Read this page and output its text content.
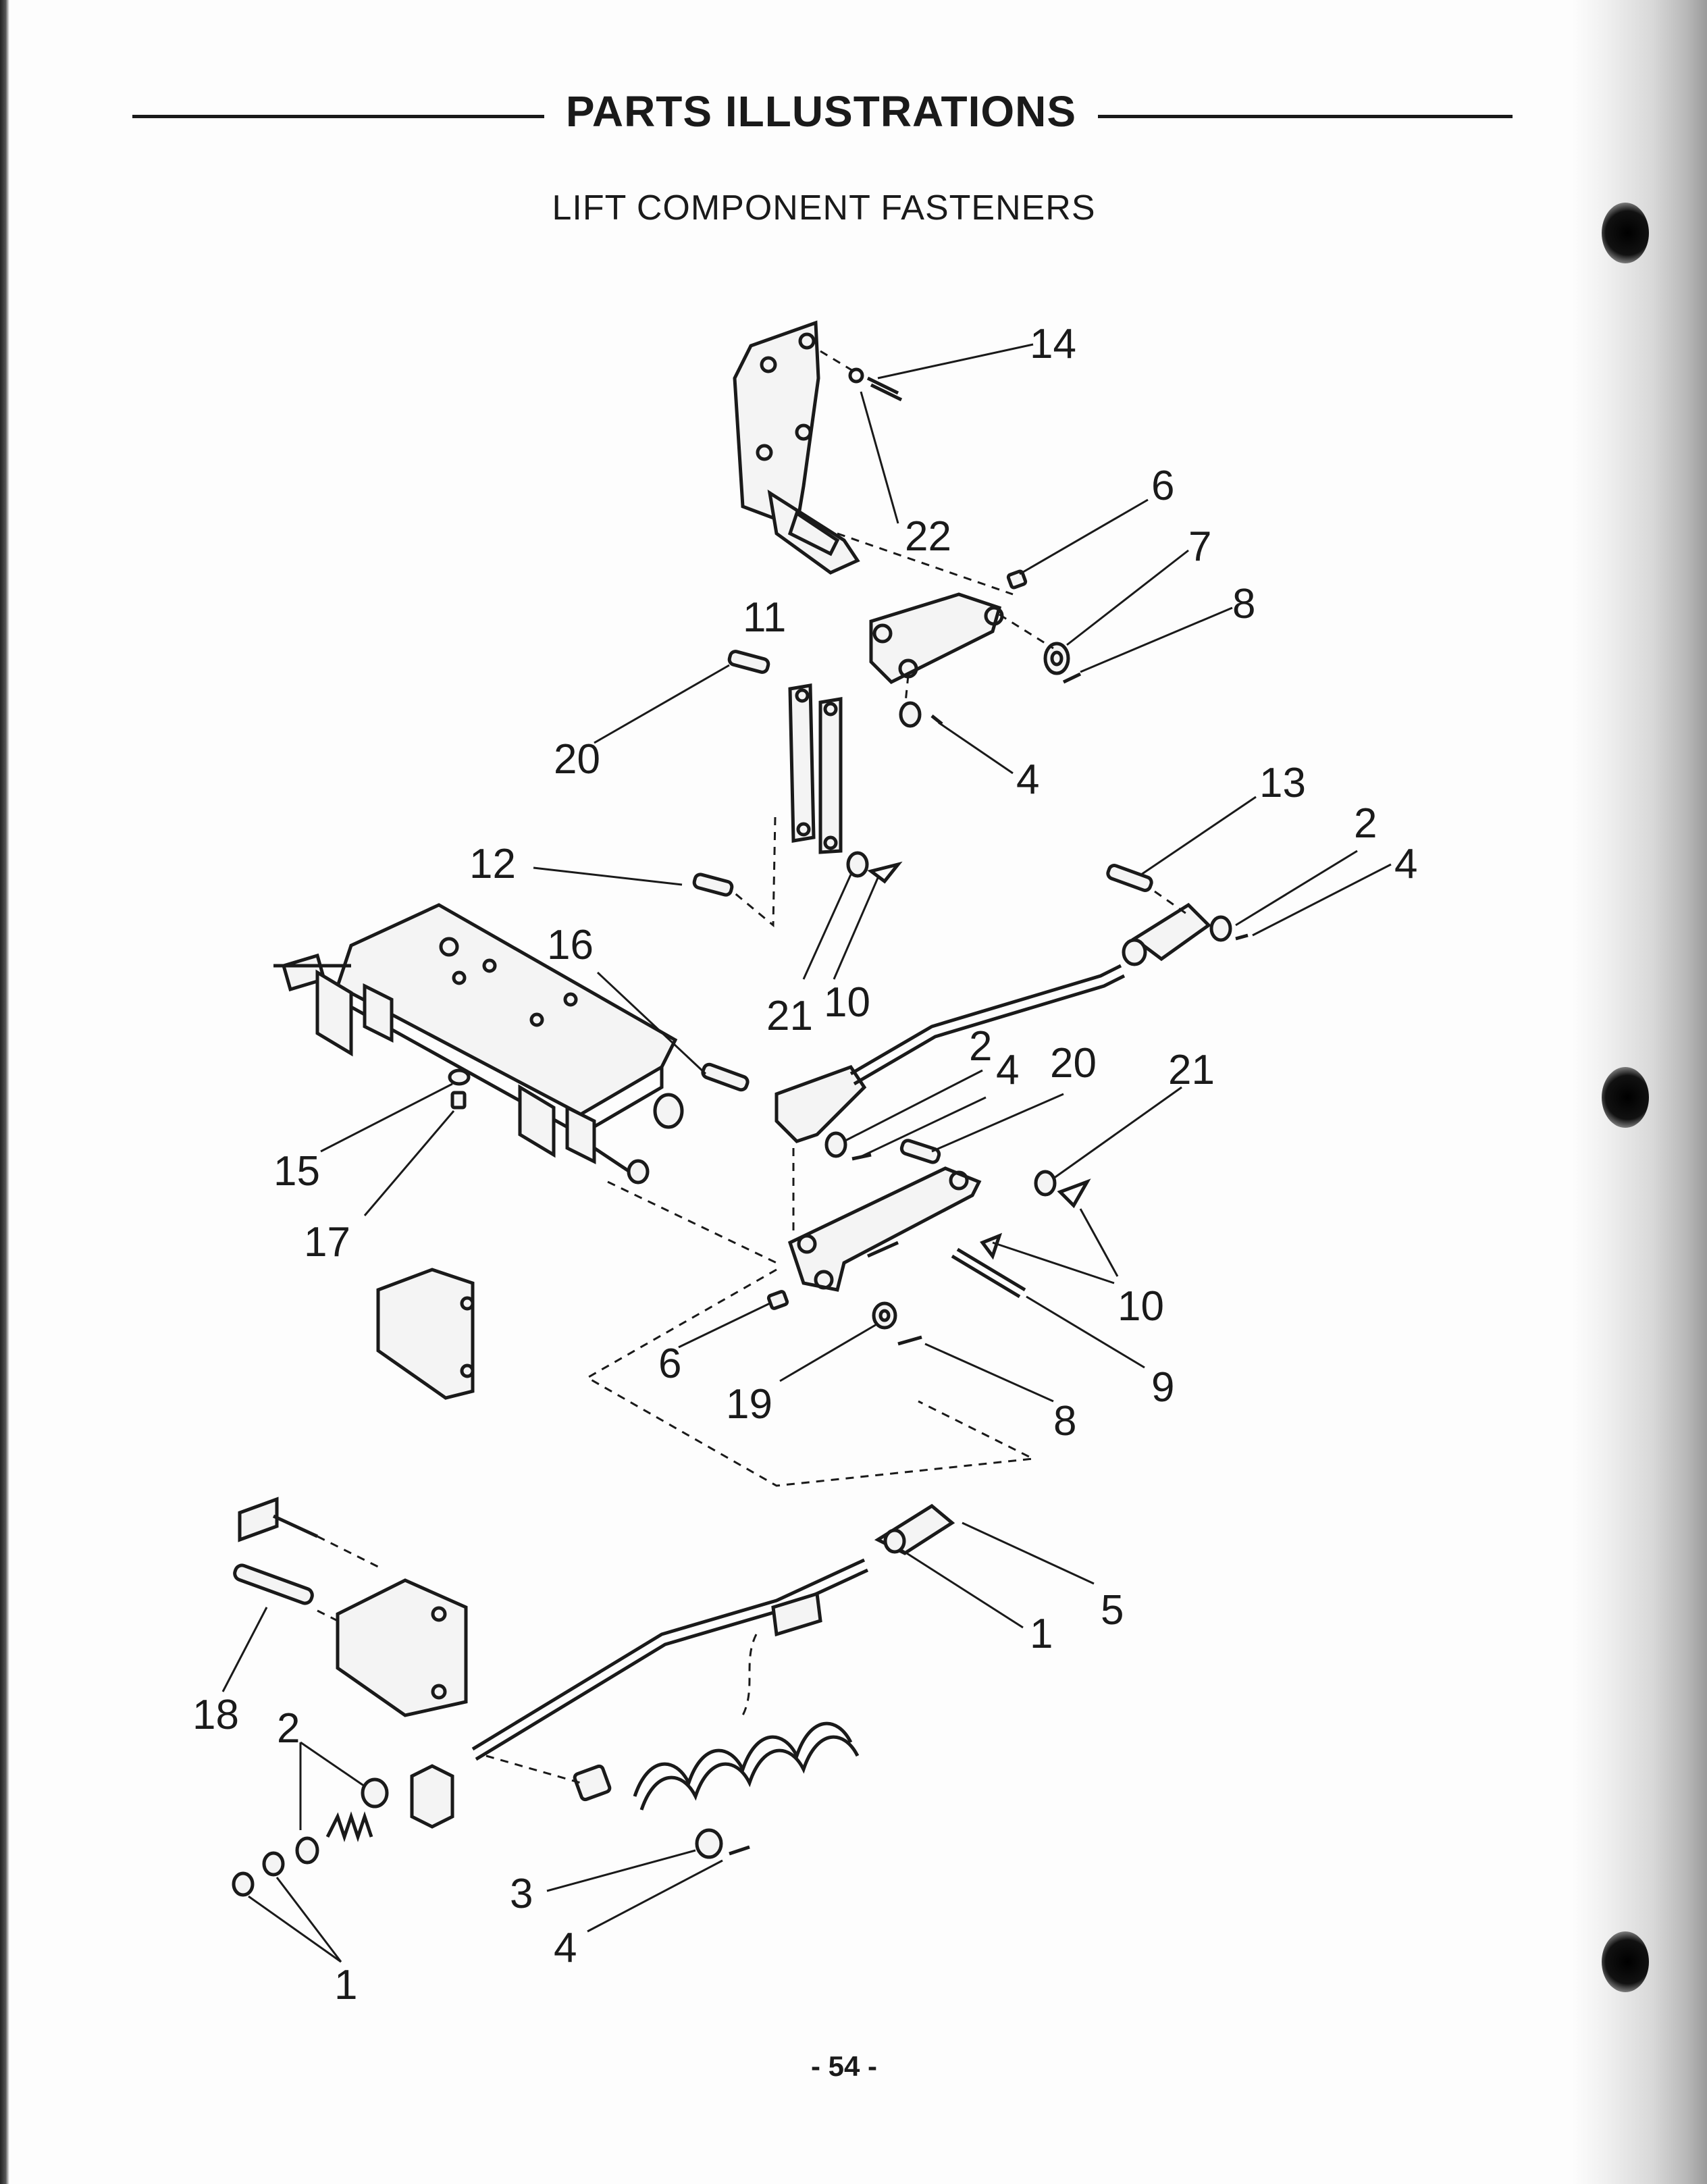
PARTS ILLUSTRATIONS
LIFT COMPONENT FASTENERS
14
22
6
7
8
11
20	4	13
2
4
12
16
21 10
2
4 20 21
15
17
10
6
9
19	8
5
1
18 2
3
4
1
- 54 -
